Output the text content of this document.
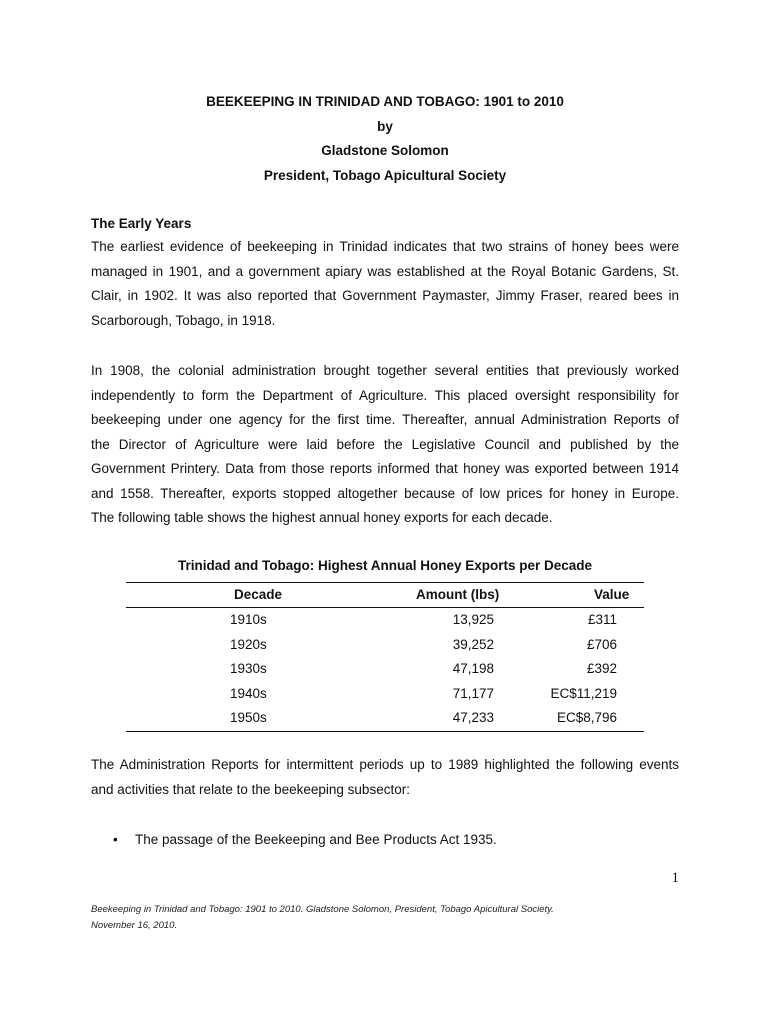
BEEKEEPING IN TRINIDAD AND TOBAGO: 1901 to 2010
by
Gladstone Solomon
President, Tobago Apicultural Society
The Early Years
The earliest evidence of beekeeping in Trinidad indicates that two strains of honey bees were
managed in 1901, and a government apiary was established at the Royal Botanic Gardens, St.
Clair, in 1902. It was also reported that Government Paymaster, Jimmy Fraser, reared bees in
Scarborough, Tobago, in 1918.
In 1908, the colonial administration brought together several entities that previously worked
independently to form the Department of Agriculture. This placed oversight responsibility for
beekeeping under one agency for the first time. Thereafter, annual Administration Reports of
the Director of Agriculture were laid before the Legislative Council and published by the
Government Printery. Data from those reports informed that honey was exported between 1914
and 1558. Thereafter, exports stopped altogether because of low prices for honey in Europe.
The following table shows the highest annual honey exports for each decade.
Trinidad and Tobago: Highest Annual Honey Exports per Decade
Decade	Amount (lbs)	Value
1910s	13,925	£311
1920s	39,252	£706
1930s	47,198	£392
1940s	71,177	EC$11,219
1950s	47,233	EC$8,796
The Administration Reports for intermittent periods up to 1989 highlighted the following events
and activities that relate to the beekeeping subsector:
• The passage of the Beekeeping and Bee Products Act 1935.
1
Beekeeping in Trinidad and Tobago: 1901 to 2010. Gladstone Solomon, President, Tobago Apicultural Society.
November 16, 2010.
